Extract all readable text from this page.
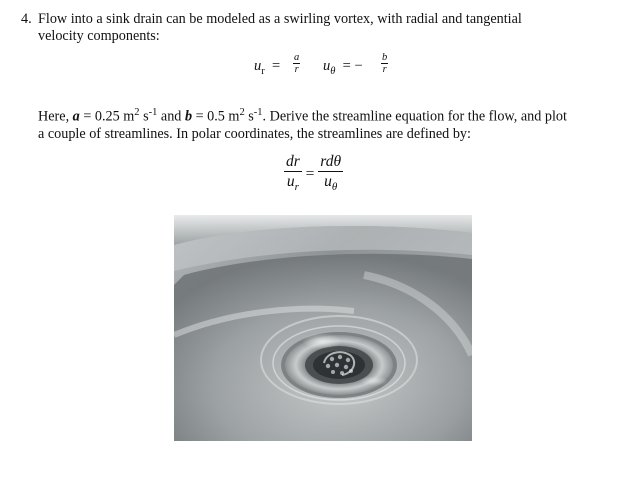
4. Flow into a sink drain can be modeled as a swirling vortex, with radial and tangential
velocity components:
$u_r = \frac{a}{r} u_\theta$  = − $\frac{b}{r}$
Here, a = 0.25 $m^2$ $s^{-1}$ and b = 0.5 $m^2$ $s^{-1}$. Derive the streamline equation for the flow, and plot
a couple of streamlines. In polar coordinates, the streamlines are defined by:
$\frac{dr}{u_r} = \frac{\text{rdθ}}{u_\theta}$
